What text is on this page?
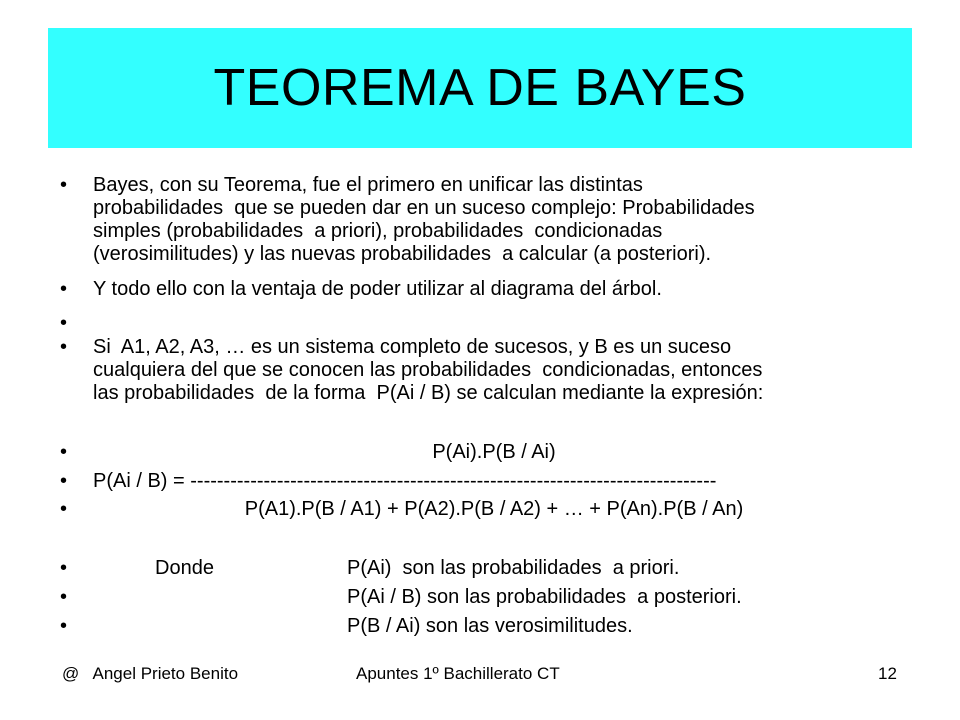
TEOREMA DE BAYES
•	Bayes, con su Teorema, fue el primero en unificar las distintas
probabilidades  que se pueden dar en un suceso complejo: Probabilidades
simples (probabilidades  a priori), probabilidades  condicionadas
(verosimilitudes) y las nuevas probabilidades  a calcular (a posteriori).
•	Y todo ello con la ventaja de poder utilizar al diagrama del árbol.
•
•	Si  A1, A2, A3, … es un sistema completo de sucesos, y B es un suceso
cualquiera del que se conocen las probabilidades  condicionadas, entonces
las probabilidades  de la forma  P(Ai / B) se calculan mediante la expresión:
•	P(Ai).P(B / Ai)
•	P(Ai / B) = -------------------------------------------------------------------------------
•	P(A1).P(B / A1) + P(A2).P(B / A2) + … + P(An).P(B / An)
•	Donde	P(Ai)  son las probabilidades  a priori.
•	P(Ai / B) son las probabilidades  a posteriori.
•	P(B / Ai) son las verosimilitudes.
@   Angel Prieto Benito	Apuntes 1º Bachillerato CT	12
